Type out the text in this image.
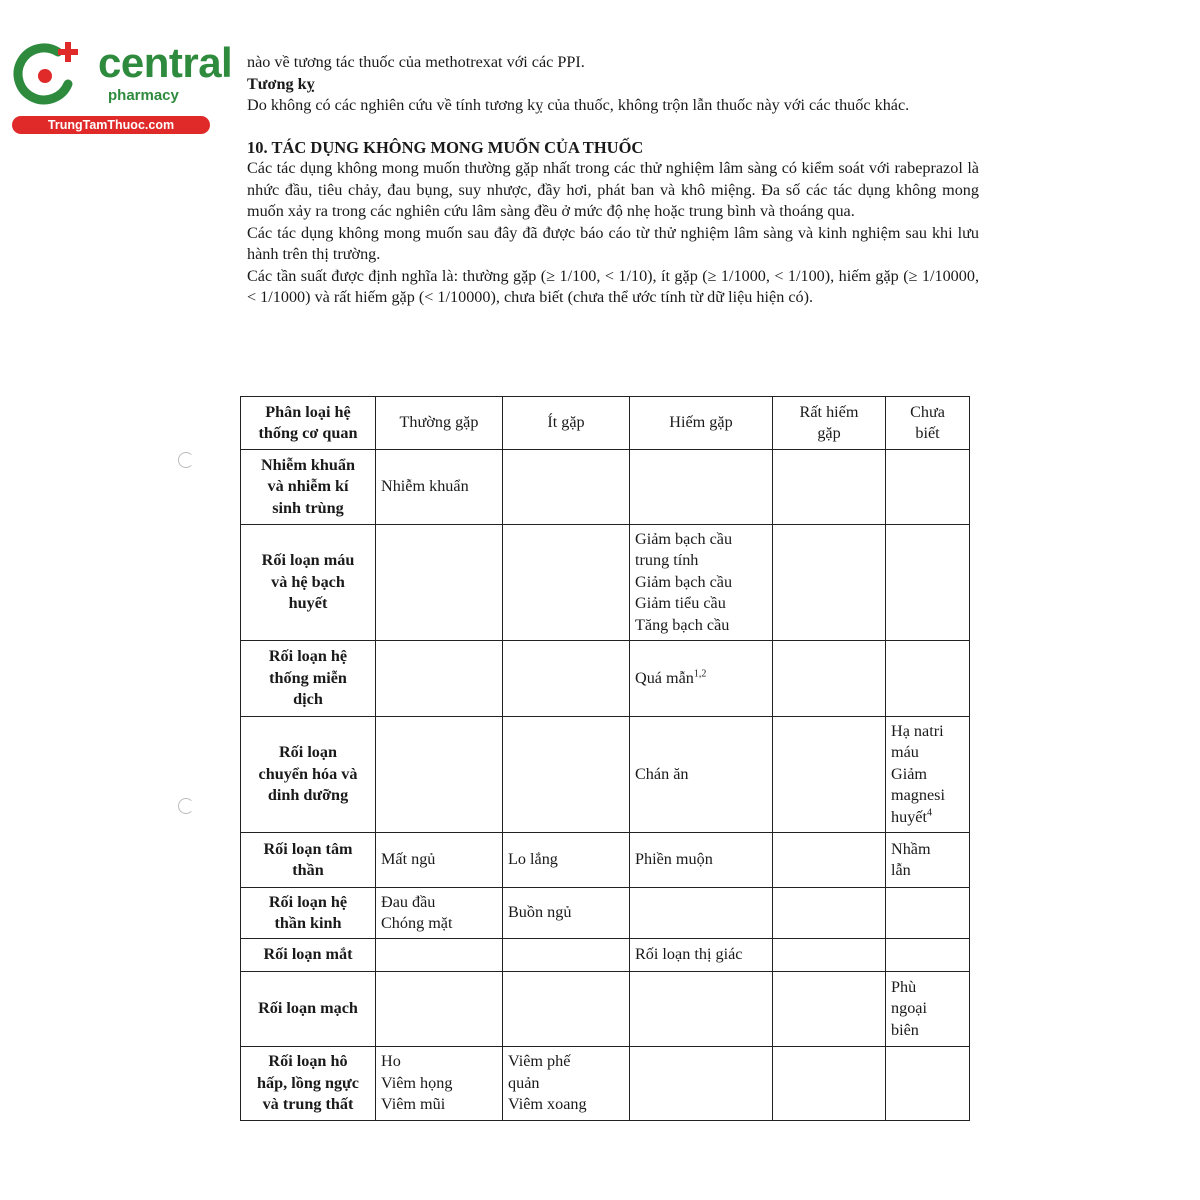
central
pharmacy
TrungTamThuoc.com

nào về tương tác thuốc của methotrexat với các PPI.

Tương kỵ

Do không có các nghiên cứu về tính tương kỵ của thuốc, không trộn lẫn thuốc này với các thuốc khác.

10. TÁC DỤNG KHÔNG MONG MUỐN CỦA THUỐC

Các tác dụng không mong muốn thường gặp nhất trong các thử nghiệm lâm sàng có kiểm soát với rabeprazol là nhức đầu, tiêu chảy, đau bụng, suy nhược, đầy hơi, phát ban và khô miệng. Đa số các tác dụng không mong muốn xảy ra trong các nghiên cứu lâm sàng đều ở mức độ nhẹ hoặc trung bình và thoáng qua.

Các tác dụng không mong muốn sau đây đã được báo cáo từ thử nghiệm lâm sàng và kinh nghiệm sau khi lưu hành trên thị trường.

Các tần suất được định nghĩa là: thường gặp (≥ 1/100, < 1/10), ít gặp (≥ 1/1000, < 1/100), hiếm gặp (≥ 1/10000, < 1/1000) và rất hiếm gặp (< 1/10000), chưa biết (chưa thể ước tính từ dữ liệu hiện có).

Phân loại hệ
thống cơ quan	Thường gặp	Ít gặp	Hiếm gặp	Rất hiếm
gặp	Chưa
biết

Nhiễm khuẩn
và nhiễm kí
sinh trùng	Nhiễm khuẩn				

Rối loạn máu
và hệ bạch
huyết			Giảm bạch cầu
trung tính
Giảm bạch cầu
Giảm tiểu cầu
Tăng bạch cầu		

Rối loạn hệ
thống miễn
dịch			Quá mẫn$^{1,2}$

Rối loạn
chuyển hóa và
dinh dưỡng			Chán ăn		Hạ natri
máu
Giảm
magnesi
huyết$^4$

Rối loạn tâm
thần	Mất ngủ	Lo lắng	Phiền muộn		Nhầm
lẫn

Rối loạn hệ
thần kinh	Đau đầu
Chóng mặt	Buồn ngủ			

Rối loạn mắt			Rối loạn thị giác		

Rối loạn mạch					Phù
ngoại
biên

Rối loạn hô
hấp, lồng ngực
và trung thất	Ho
Viêm họng
Viêm mũi	Viêm phế
quản
Viêm xoang			
